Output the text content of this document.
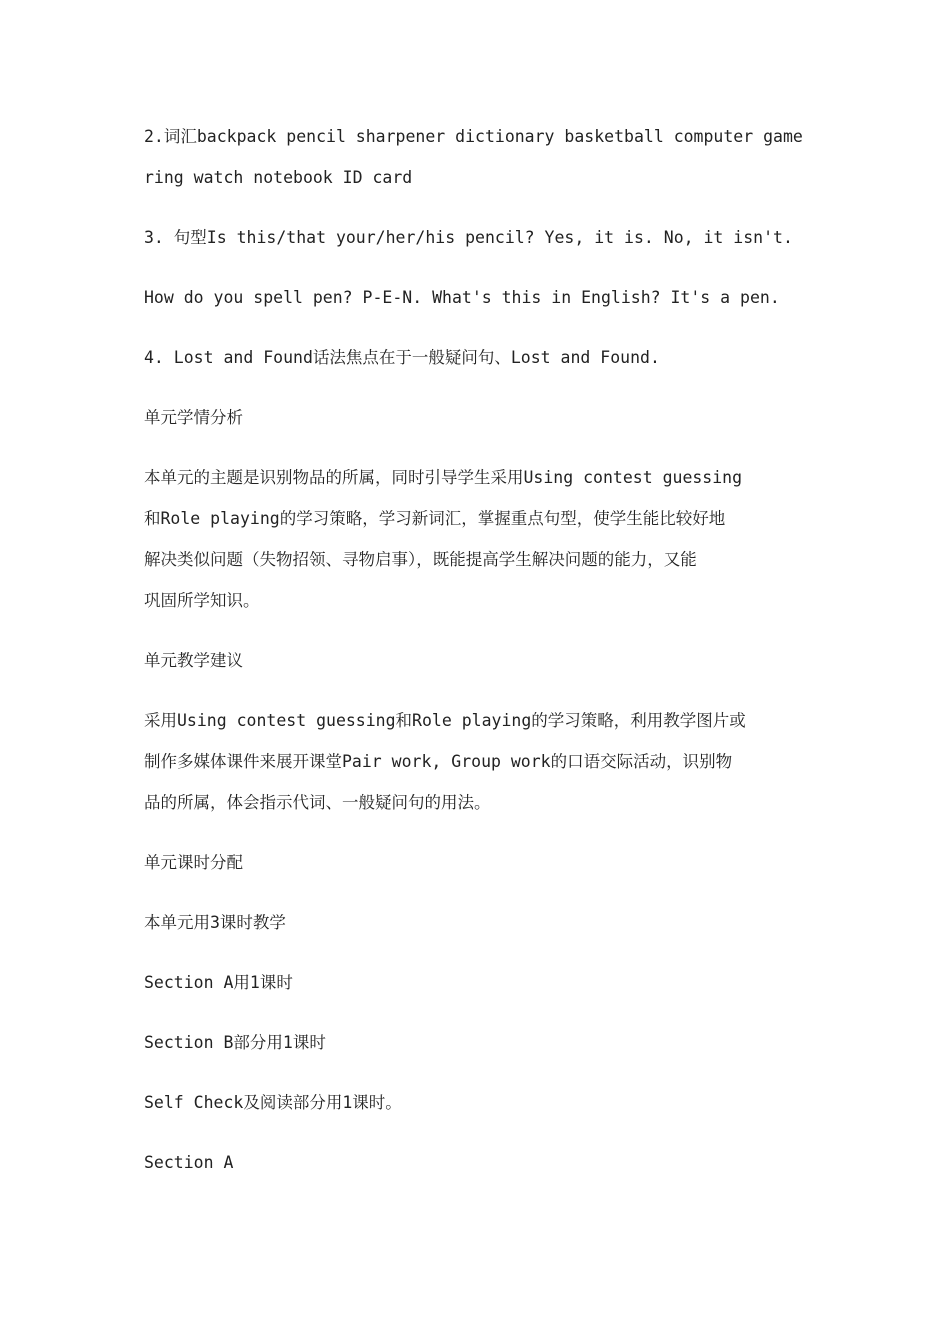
2.词汇backpack pencil sharpener dictionary basketball computer game
ring watch notebook ID card
3. 句型Is this/that your/her/his pencil? Yes, it is. No, it isn't.
How do you spell pen? P-E-N. What's this in English? It's a pen.
4. Lost and Found话法焦点在于一般疑问句、Lost and Found.
单元学情分析
本单元的主题是识别物品的所属，同时引导学生采用Using contest guessing
和Role playing的学习策略，学习新词汇，掌握重点句型，使学生能比较好地
解决类似问题（失物招领、寻物启事），既能提高学生解决问题的能力，又能
巩固所学知识。
单元教学建议
采用Using contest guessing和Role playing的学习策略，利用教学图片或
制作多媒体课件来展开课堂Pair work, Group work的口语交际活动，识别物
品的所属，体会指示代词、一般疑问句的用法。
单元课时分配
本单元用3课时教学
Section A用1课时
Section B部分用1课时
Self Check及阅读部分用1课时。
Section A
